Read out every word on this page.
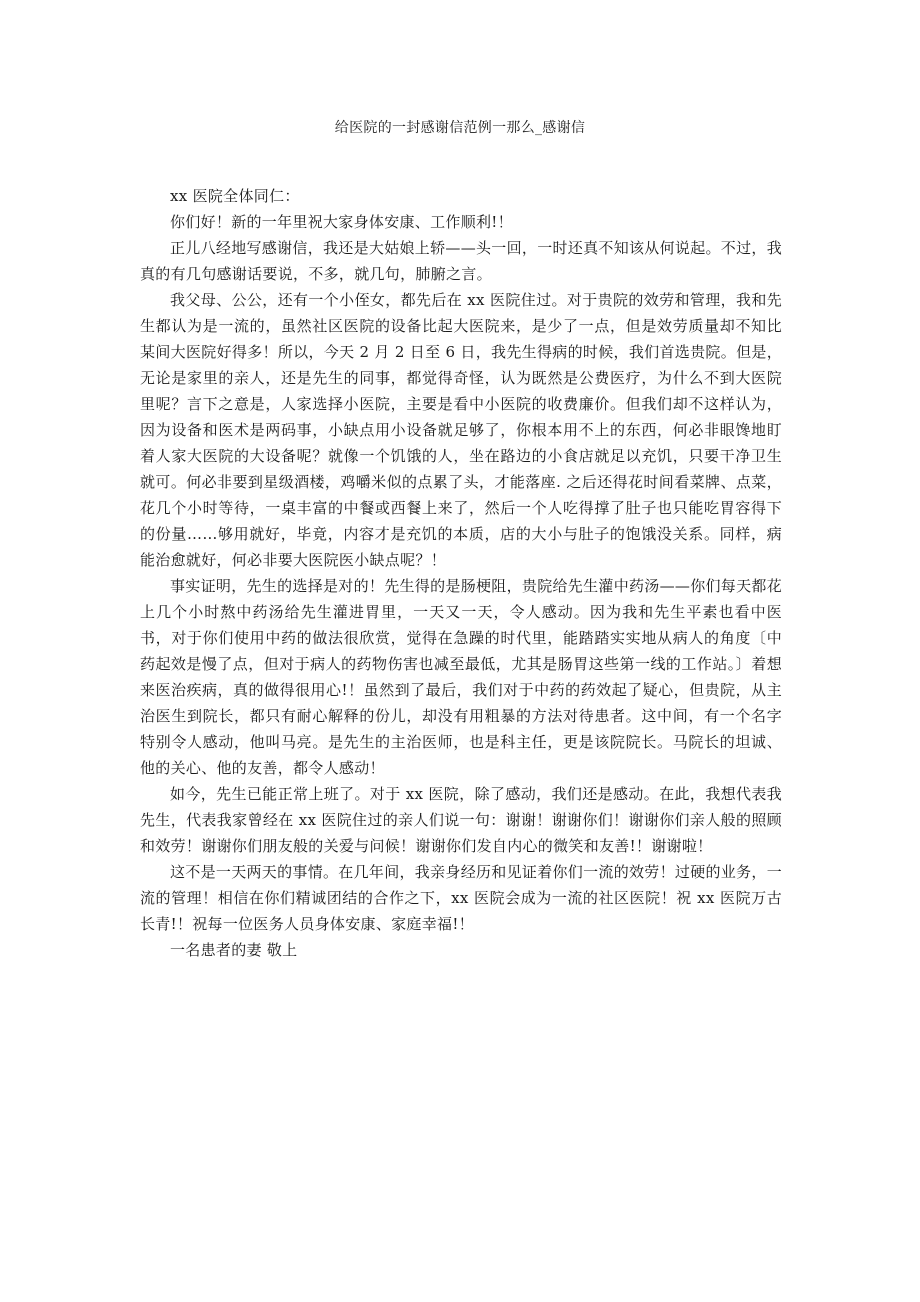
给医院的一封感谢信范例一那么_感谢信

xx 医院全体同仁：

你们好！新的一年里祝大家身体安康、工作顺利!！

正儿八经地写感谢信，我还是大姑娘上轿——头一回，一时还真不知该从何说起。不过，我真的有几句感谢话要说，不多，就几句，肺腑之言。

我父母、公公，还有一个小侄女，都先后在 xx 医院住过。对于贵院的效劳和管理，我和先生都认为是一流的，虽然社区医院的设备比起大医院来，是少了一点，但是效劳质量却不知比某间大医院好得多！所以，今天 2 月 2 日至 6 日，我先生得病的时候，我们首选贵院。但是，无论是家里的亲人，还是先生的同事，都觉得奇怪，认为既然是公费医疗，为什么不到大医院里呢？言下之意是，人家选择小医院，主要是看中小医院的收费廉价。但我们却不这样认为，因为设备和医术是两码事，小缺点用小设备就足够了，你根本用不上的东西，何必非眼馋地盯着人家大医院的大设备呢？就像一个饥饿的人，坐在路边的小食店就足以充饥，只要干净卫生就可。何必非要到星级酒楼，鸡嚼米似的点累了头，才能落座. 之后还得花时间看菜牌、点菜，花几个小时等待，一桌丰富的中餐或西餐上来了，然后一个人吃得撑了肚子也只能吃胃容得下的份量……够用就好，毕竟，内容才是充饥的本质，店的大小与肚子的饱饿没关系。同样，病能治愈就好，何必非要大医院医小缺点呢？！

事实证明，先生的选择是对的！先生得的是肠梗阻，贵院给先生灌中药汤——你们每天都花上几个小时熬中药汤给先生灌进胃里，一天又一天，令人感动。因为我和先生平素也看中医书，对于你们使用中药的做法很欣赏，觉得在急躁的时代里，能踏踏实实地从病人的角度〔中药起效是慢了点，但对于病人的药物伤害也减至最低，尤其是肠胃这些第一线的工作站。〕着想来医治疾病，真的做得很用心!！虽然到了最后，我们对于中药的药效起了疑心，但贵院，从主治医生到院长，都只有耐心解释的份儿，却没有用粗暴的方法对待患者。这中间，有一个名字特别令人感动，他叫马亮。是先生的主治医师，也是科主任，更是该院院长。马院长的坦诚、他的关心、他的友善，都令人感动！

如今，先生已能正常上班了。对于 xx 医院，除了感动，我们还是感动。在此，我想代表我先生，代表我家曾经在 xx 医院住过的亲人们说一句：谢谢！谢谢你们！谢谢你们亲人般的照顾和效劳！谢谢你们朋友般的关爱与问候！谢谢你们发自内心的微笑和友善!！谢谢啦！

这不是一天两天的事情。在几年间，我亲身经历和见证着你们一流的效劳！过硬的业务，一流的管理！相信在你们精诚团结的合作之下，xx 医院会成为一流的社区医院！祝 xx 医院万古长青!！祝每一位医务人员身体安康、家庭幸福!！

一名患者的妻 敬上
